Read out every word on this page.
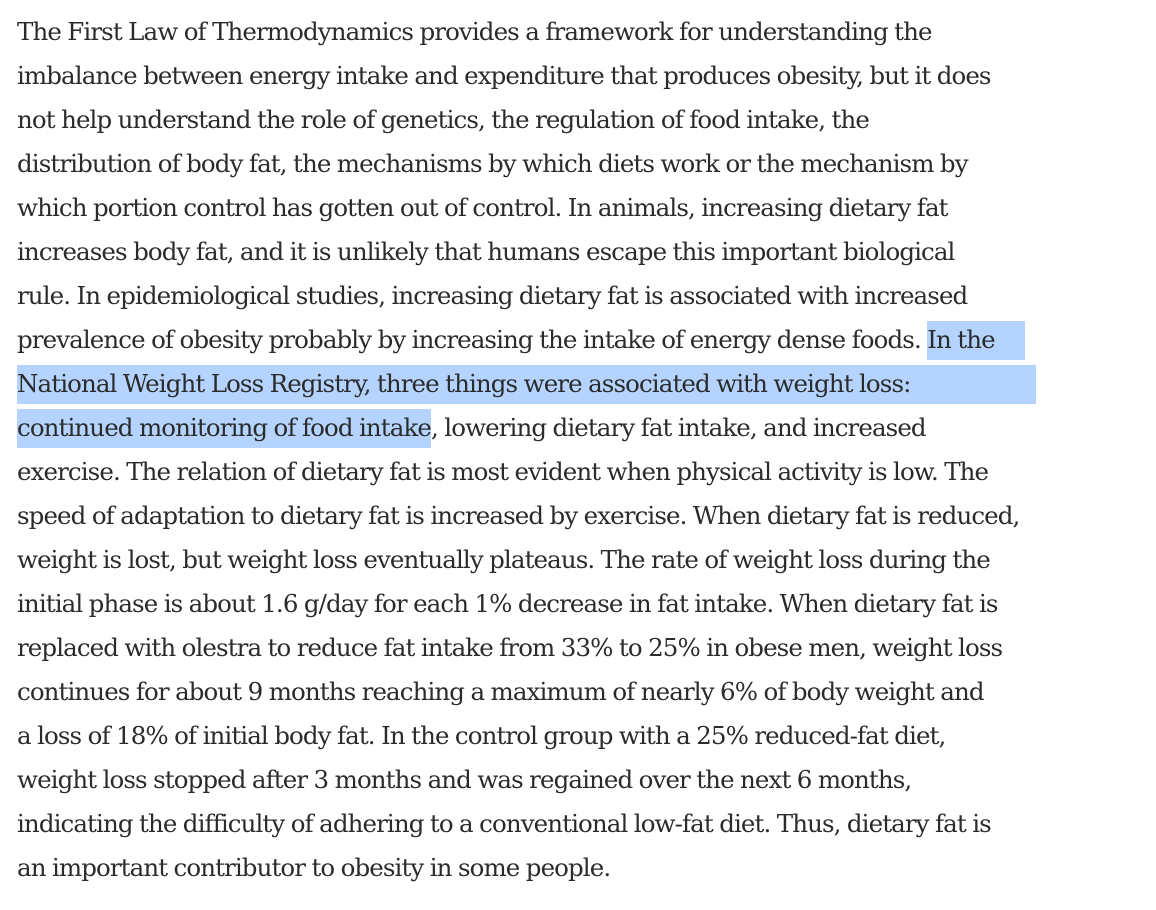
The First Law of Thermodynamics provides a framework for understanding the
imbalance between energy intake and expenditure that produces obesity, but it does
not help understand the role of genetics, the regulation of food intake, the
distribution of body fat, the mechanisms by which diets work or the mechanism by
which portion control has gotten out of control. In animals, increasing dietary fat
increases body fat, and it is unlikely that humans escape this important biological
rule. In epidemiological studies, increasing dietary fat is associated with increased
prevalence of obesity probably by increasing the intake of energy dense foods. In the
National Weight Loss Registry, three things were associated with weight loss:
continued monitoring of food intake, lowering dietary fat intake, and increased
exercise. The relation of dietary fat is most evident when physical activity is low. The
speed of adaptation to dietary fat is increased by exercise. When dietary fat is reduced,
weight is lost, but weight loss eventually plateaus. The rate of weight loss during the
initial phase is about 1.6 g/day for each 1% decrease in fat intake. When dietary fat is
replaced with olestra to reduce fat intake from 33% to 25% in obese men, weight loss
continues for about 9 months reaching a maximum of nearly 6% of body weight and
a loss of 18% of initial body fat. In the control group with a 25% reduced-fat diet,
weight loss stopped after 3 months and was regained over the next 6 months,
indicating the difficulty of adhering to a conventional low-fat diet. Thus, dietary fat is
an important contributor to obesity in some people.
